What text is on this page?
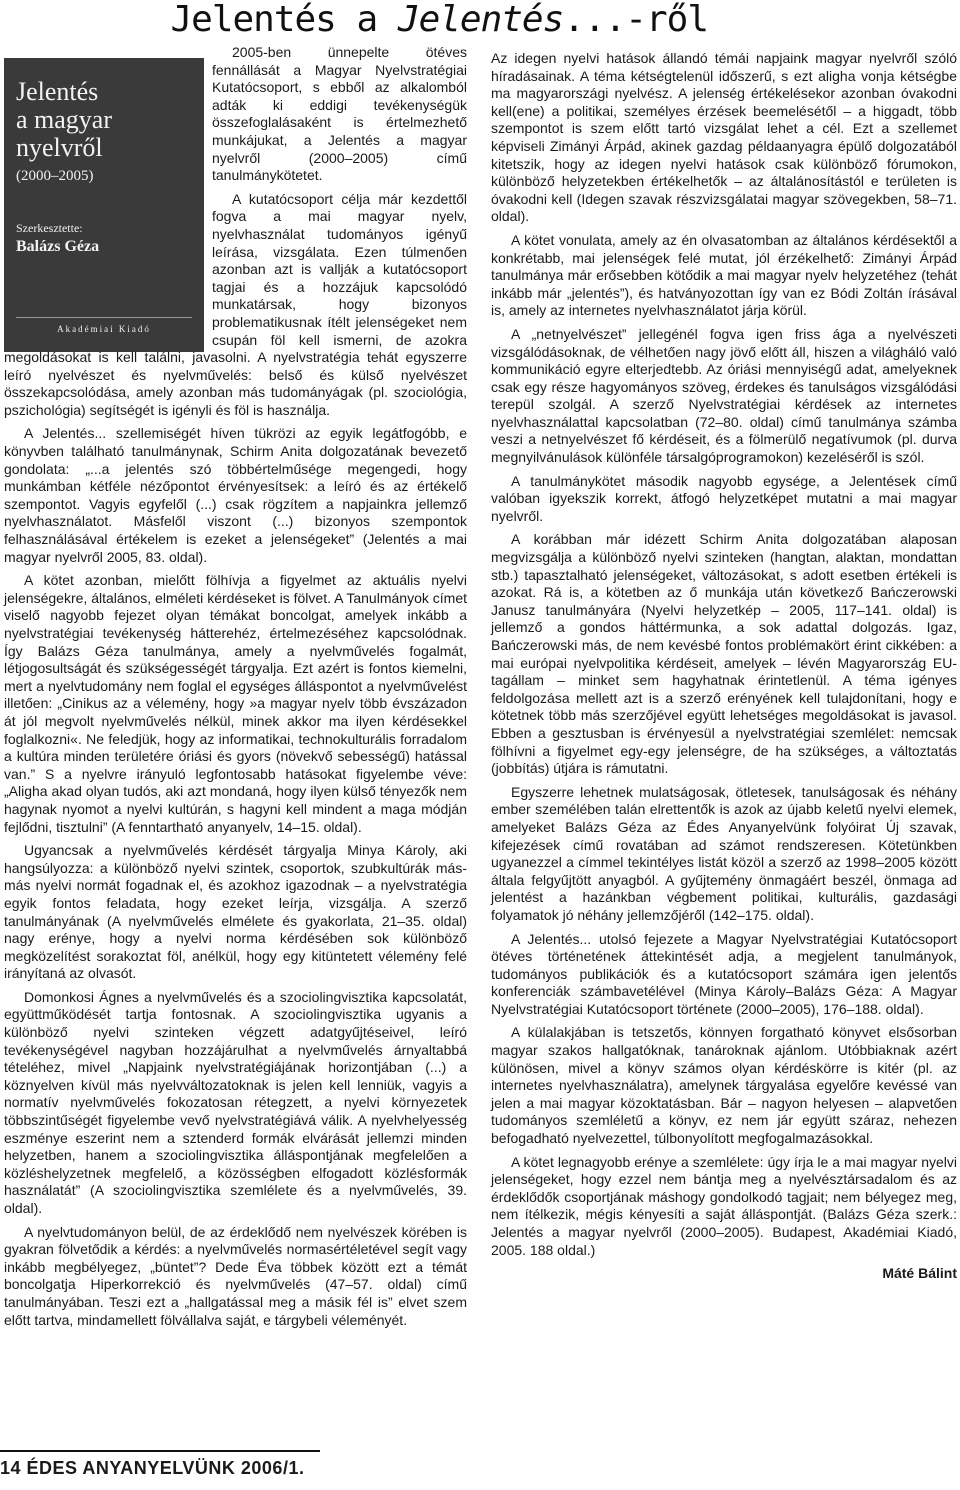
Jelentés a Jelentés...-ről
Jelentés
a magyar nyelvről
(2000–2005)
Szerkesztette:
Balázs Géza
Akadémiai Kiadó

2005-ben ünnepelte ötéves fennállását a Magyar Nyelvstratégiai Kutatócsoport, s ebből az alkalomból adták ki eddigi tevékenységük összefoglalásaként is értelmezhető munkájukat, a Jelentés a magyar nyelvről (2000–2005) című tanulmánykötetet.

A kutatócsoport célja már kezdettől fogva a mai magyar nyelv, nyelvhasználat tudományos igényű leírása, vizsgálata. Ezen túlmenően azonban azt is vallják a kutatócsoport tagjai és a hozzájuk kapcsolódó munkatársak, hogy bizonyos problematikusnak ítélt jelenségeket nem csupán föl kell ismerni, de azokra megoldásokat is kell találni, javasolni. A nyelvstratégia tehát egyszerre leíró nyelvészet és nyelvművelés: belső és külső nyelvészet összekapcsolódása, amely azonban más tudományágak (pl. szociológia, pszichológia) segítségét is igényli és föl is használja.

A Jelentés... szellemiségét híven tükrözi az egyik legátfogóbb, e könyvben található tanulmánynak, Schirm Anita dolgozatának bevezető gondolata: „...a jelentés szó többértelműsége megengedi, hogy munkámban kétféle nézőpontot érvényesítsek: a leíró és az értékelő szempontot. Vagyis egyfelől (...) csak rögzítem a napjainkra jellemző nyelvhasználatot. Másfelől viszont (...) bizonyos szempontok felhasználásával értékelem is ezeket a jelenségeket” (Jelentés a mai magyar nyelvről 2005, 83. oldal).

A kötet azonban, mielőtt fölhívja a figyelmet az aktuális nyelvi jelenségekre, általános, elméleti kérdéseket is fölvet. A Tanulmányok címet viselő nagyobb fejezet olyan témákat boncolgat, amelyek inkább a nyelvstratégiai tevékenység hátterehéz, értelmezéséhez kapcsolódnak. Így Balázs Géza tanulmánya, amely a nyelvművelés fogalmát, létjogosultságát és szükségességét tárgyalja. Ezt azért is fontos kiemelni, mert a nyelvtudomány nem foglal el egységes álláspontot a nyelvművelést illetően: „Cinikus az a vélemény, hogy »a magyar nyelv több évszázadon át jól megvolt nyelvművelés nélkül, minek akkor ma ilyen kérdésekkel foglalkozni«. Ne feledjük, hogy az informatikai, technokulturális forradalom a kultúra minden területére óriási és gyors (növekvő sebességű) hatással van.” S a nyelvre irányuló legfontosabb hatásokat figyelembe véve: „Aligha akad olyan tudós, aki azt mondaná, hogy ilyen külső tényezők nem hagynak nyomot a nyelvi kultúrán, s hagyni kell mindent a maga módján fejlődni, tisztulni” (A fenntartható anyanyelv, 14–15. oldal).

Ugyancsak a nyelvművelés kérdését tárgyalja Minya Károly, aki hangsúlyozza: a különböző nyelvi szintek, csoportok, szubkultúrák más-más nyelvi normát fogadnak el, és azokhoz igazodnak – a nyelvstratégia egyik fontos feladata, hogy ezeket leírja, vizsgálja. A szerző tanulmányának (A nyelvművelés elmélete és gyakorlata, 21–35. oldal) nagy erénye, hogy a nyelvi norma kérdésében sok különböző megközelítést sorakoztat föl, anélkül, hogy egy kitüntetett vélemény felé irányítaná az olvasót.

Domonkosi Ágnes a nyelvművelés és a szociolingvisztika kapcsolatát, együttműködését tartja fontosnak. A szociolingvisztika ugyanis a különböző nyelvi szinteken végzett adatgyűjtéseivel, leíró tevékenységével nagyban hozzájárulhat a nyelvművelés árnyaltabbá tételéhez, mivel „Napjaink nyelvstratégiájának horizontjában (...) a köznyelven kívül más nyelvváltozatoknak is jelen kell lenniük, vagyis a normatív nyelvművelés fokozatosan rétegzett, a nyelvi környezetek többszintűségét figyelembe vevő nyelvstratégiává válik. A nyelvhelyesség eszménye eszerint nem a sztenderd formák elvárását jellemzi minden helyzetben, hanem a szociolingvisztika álláspontjának megfelelően a közléshelyzetnek megfelelő, a közösségben elfogadott közlésformák használatát” (A szociolingvisztika szemlélete és a nyelvművelés, 39. oldal).

A nyelvtudományon belül, de az érdeklődő nem nyelvészek körében is gyakran fölvetődik a kérdés: a nyelvművelés normasértéletével segít vagy inkább megbélyegez, „büntet”? Dede Éva többek között ezt a témát boncolgatja Hiperkorrekció és nyelvművelés (47–57. oldal) című tanulmányában. Teszi ezt a „hallgatással meg a másik fél is” elvet szem előtt tartva, mindamellett fölvállalva saját, e tárgybeli véleményét.

Az idegen nyelvi hatások állandó témái napjaink magyar nyelvről szóló híradásainak. A téma kétségtelenül időszerű, s ezt aligha vonja kétségbe ma magyarországi nyelvész. A jelenség értékelésekor azonban óvakodni kell(ene) a politikai, személyes érzések beemelésétől – a higgadt, több szempontot is szem előtt tartó vizsgálat lehet a cél. Ezt a szellemet képviseli Zimányi Árpád, akinek gazdag példaanyagra épülő dolgozatából kitetszik, hogy az idegen nyelvi hatások csak különböző fórumokon, különböző helyzetekben értékelhetők – az általánosítástól e területen is óvakodni kell (Idegen szavak részvizsgálatai magyar szövegekben, 58–71. oldal).

A kötet vonulata, amely az én olvasatomban az általános kérdésektől a konkrétabb, mai jelenségek felé mutat, jól érzékelhető: Zimányi Árpád tanulmánya már erősebben kötődik a mai magyar nyelv helyzetéhez (tehát inkább már „jelentés”), és hatványozottan így van ez Bódi Zoltán írásával is, amely az internetes nyelvhasználatot járja körül.

A „netnyelvészet” jellegénél fogva igen friss ága a nyelvészeti vizsgálódásoknak, de vélhetően nagy jövő előtt áll, hiszen a világháló való kommunikáció egyre elterjedtebb. Az óriási mennyiségű adat, amelyeknek csak egy része hagyományos szöveg, érdekes és tanulságos vizsgálódási terepül szolgál. A szerző Nyelvstratégiai kérdések az internetes nyelvhasználattal kapcsolatban (72–80. oldal) című tanulmánya számba veszi a netnyelvészet fő kérdéseit, és a fölmerülő negatívumok (pl. durva megnyilvánulások különféle társalgóprogramokon) kezeléséről is szól.

A tanulmánykötet második nagyobb egysége, a Jelentések című valóban igyekszik korrekt, átfogó helyzetképet mutatni a mai magyar nyelvről.

A korábban már idézett Schirm Anita dolgozatában alaposan megvizsgálja a különböző nyelvi szinteken (hangtan, alaktan, mondattan stb.) tapasztalható jelenségeket, változásokat, s adott esetben értékeli is azokat. Rá is, a kötetben az ő munkája után következő Bańczerowski Janusz tanulmányára (Nyelvi helyzetkép – 2005, 117–141. oldal) is jellemző a gondos háttérmunka, a sok adattal dolgozás. Igaz, Bańczerowski más, de nem kevésbé fontos problémakört érint cikkében: a mai európai nyelvpolitika kérdéseit, amelyek – lévén Magyarország EU-tagállam – minket sem hagyhatnak érintetlenül. A téma igényes feldolgozása mellett azt is a szerző erényének kell tulajdonítani, hogy e kötetnek több más szerzőjével együtt lehetséges megoldásokat is javasol. Ebben a gesztusban is érvényesül a nyelvstratégiai szemlélet: nemcsak fölhívni a figyelmet egy-egy jelenségre, de ha szükséges, a változtatás (jobbítás) útjára is rámutatni.

Egyszerre lehetnek mulatságosak, ötletesek, tanulságosak és néhány ember személében talán elrettentők is azok az újabb keletű nyelvi elemek, amelyeket Balázs Géza az Édes Anyanyelvünk folyóirat Új szavak, kifejezések című rovatában ad számot rendszeresen. Kötetünkben ugyanezzel a címmel tekintélyes listát közöl a szerző az 1998–2005 között általa felgyűjtött anyagból. A gyűjtemény önmagáért beszél, önmaga ad jelentést a hazánkban végbement politikai, kulturális, gazdasági folyamatok jó néhány jellemzőjéről (142–175. oldal).

A Jelentés... utolsó fejezete a Magyar Nyelvstratégiai Kutatócsoport ötéves történetének áttekintését adja, a megjelent tanulmányok, tudományos publikációk és a kutatócsoport számára igen jelentős konferenciák számbavetélével (Minya Károly–Balázs Géza: A Magyar Nyelvstratégiai Kutatócsoport története (2000–2005), 176–188. oldal).

A külalakjában is tetszetős, könnyen forgatható könyvet elsősorban magyar szakos hallgatóknak, tanároknak ajánlom. Utóbbiaknak azért különösen, mivel a könyv számos olyan kérdéskörre is kitér (pl. az internetes nyelvhasználatra), amelynek tárgyalása egyelőre kevéssé van jelen a mai magyar közoktatásban. Bár – nagyon helyesen – alapvetően tudományos szemléletű a könyv, ez nem jár együtt száraz, nehezen befogadható nyelvezettel, túlbonyolított megfogalmazásokkal.

A kötet legnagyobb erénye a szemlélete: úgy írja le a mai magyar nyelvi jelenségeket, hogy ezzel nem bántja meg a nyelvésztársadalom és az érdeklődők csoportjának máshogy gondolkodó tagjait; nem bélyegez meg, nem ítélkezik, mégis kényesíti a saját álláspontját. (Balázs Géza szerk.: Jelentés a magyar nyelvről (2000–2005). Budapest, Akadémiai Kiadó, 2005. 188 oldal.)

Máté Bálint
14 ÉDES ANYANYELVÜNK 2006/1.
